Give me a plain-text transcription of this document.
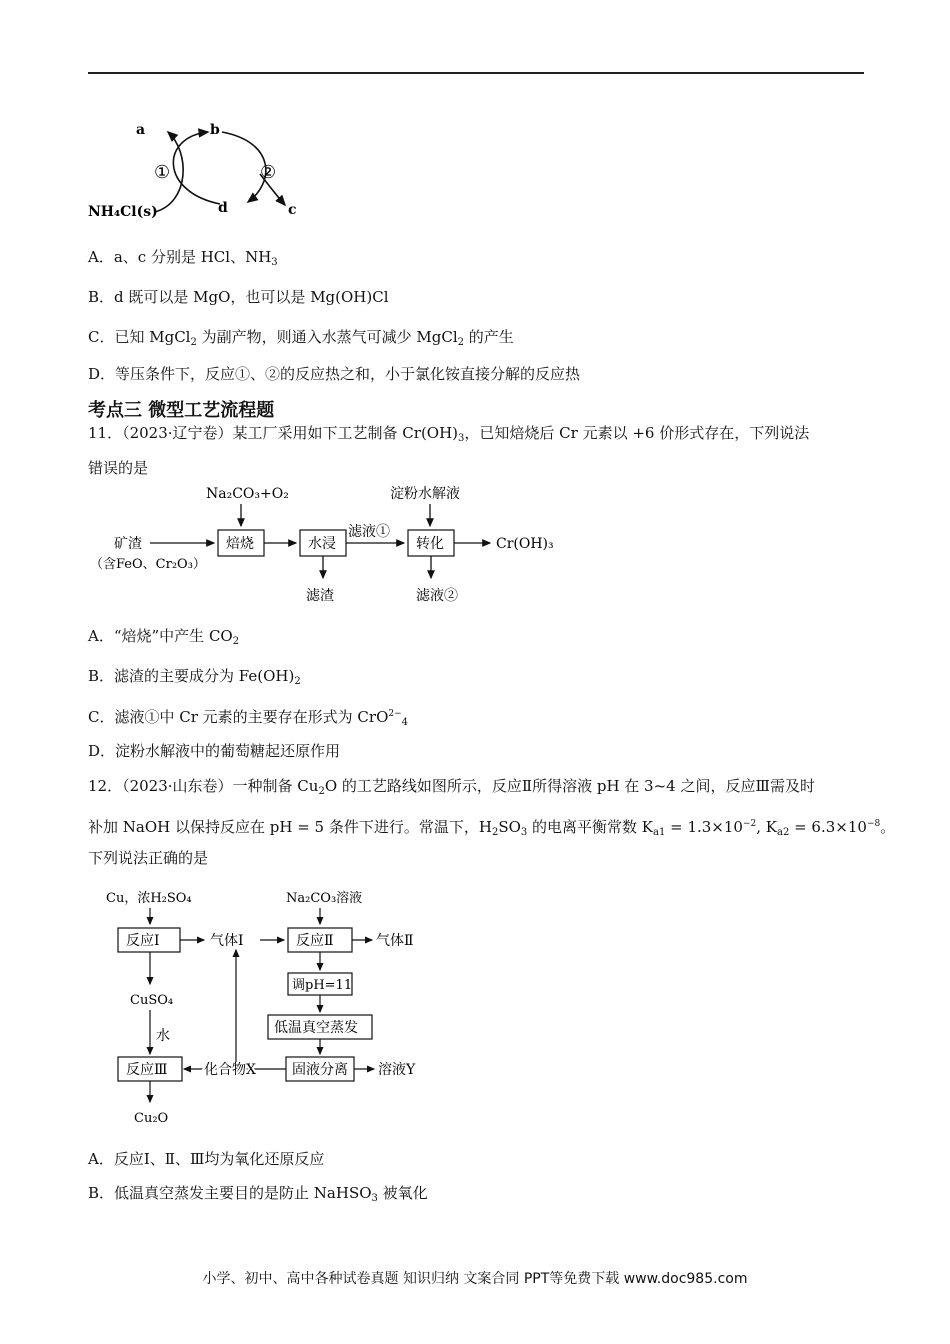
a	b
d	c
①	②
NH₄Cl(s)
A．a、c 分别是 HCl、$NH_3$
B．d 既可以是 MgO，也可以是 Mg(OH)Cl
C．已知 MgCl$_2$ 为副产物，则通入水蒸气可减少 MgCl$_2$ 的产生
D．等压条件下，反应①、②的反应热之和，小于氯化铵直接分解的反应热
考点三 微型工艺流程题
11．（2023·辽宁卷）某工厂采用如下工艺制备 $Cr(OH)_3$，已知焙烧后 Cr 元素以 +6 价形式存在，下列说法
错误的是
Na₂CO₃+O₂	淀粉水解液
矿渣
（含FeO、Cr₂O₃）
焙烧	水浸
滤液①
转化	Cr(OH)₃
滤渣	滤液②
A．“焙烧”中产生 $CO_2$
B．滤渣的主要成分为 $Fe(OH)_2$
C．滤液①中 Cr 元素的主要存在形式为 CrO$^{2-}_4$
D．淀粉水解液中的葡萄糖起还原作用
12．（2023·山东卷）一种制备 $Cu_2O$ 的工艺路线如图所示，反应Ⅱ所得溶液 pH 在 3~4 之间，反应Ⅲ需及时
补加 NaOH 以保持反应在 pH = 5 条件下进行。常温下，$H_2SO_3$ 的电离平衡常数 $K_{a1} = 1.3\times 10^{-2}$, $K_{a2} = 6.3\times 10^{-8}$。
下列说法正确的是
Cu，浓H₂SO₄	Na₂CO₃溶液
反应Ⅰ	气体Ⅰ	反应Ⅱ	气体Ⅱ
调pH=11
低温真空蒸发
固液分离 溶液Y
化合物X
CuSO₄
水
反应Ⅲ
Cu₂O
A．反应Ⅰ、Ⅱ、Ⅲ均为氧化还原反应
B．低温真空蒸发主要目的是防止 NaHSO$_3$ 被氧化
小学、初中、高中各种试卷真题 知识归纳 文案合同 PPT等免费下载 www.doc985.com
